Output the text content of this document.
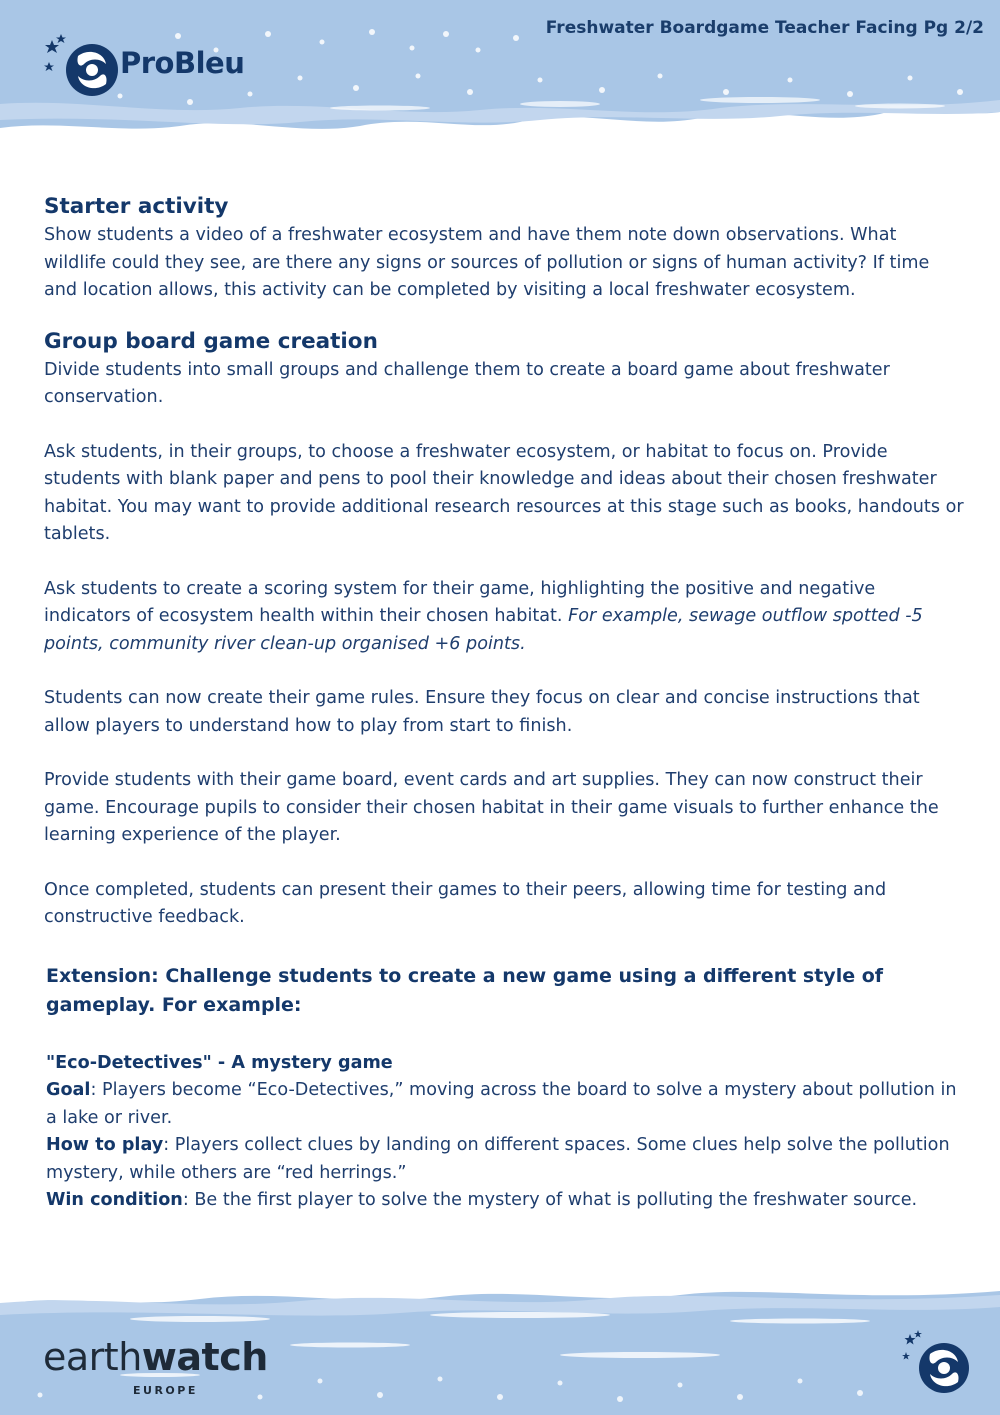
Freshwater Boardgame Teacher Facing Pg 2/2
ProBleu
Starter activity

Show students a video of a freshwater ecosystem and have them note down observations. What wildlife could they see, are there any signs or sources of pollution or signs of human activity? If time and location allows, this activity can be completed by visiting a local freshwater ecosystem.

Group board game creation

Divide students into small groups and challenge them to create a board game about freshwater conservation.

Ask students, in their groups, to choose a freshwater ecosystem, or habitat to focus on. Provide students with blank paper and pens to pool their knowledge and ideas about their chosen freshwater habitat. You may want to provide additional research resources at this stage such as books, handouts or tablets.

Ask students to create a scoring system for their game, highlighting the positive and negative indicators of ecosystem health within their chosen habitat. For example, sewage outflow spotted -5 points, community river clean-up organised +6 points.

Students can now create their game rules. Ensure they focus on clear and concise instructions that allow players to understand how to play from start to finish.

Provide students with their game board, event cards and art supplies. They can now construct their game. Encourage pupils to consider their chosen habitat in their game visuals to further enhance the learning experience of the player.

Once completed, students can present their games to their peers, allowing time for testing and constructive feedback.

Extension: Challenge students to create a new game using a different style of gameplay. For example:

"Eco-Detectives" - A mystery game

Goal: Players become “Eco-Detectives,” moving across the board to solve a mystery about pollution in a lake or river.

How to play: Players collect clues by landing on different spaces. Some clues help solve the pollution mystery, while others are “red herrings.”

Win condition: Be the first player to solve the mystery of what is polluting the freshwater source.

earthwatch
EUROPE
